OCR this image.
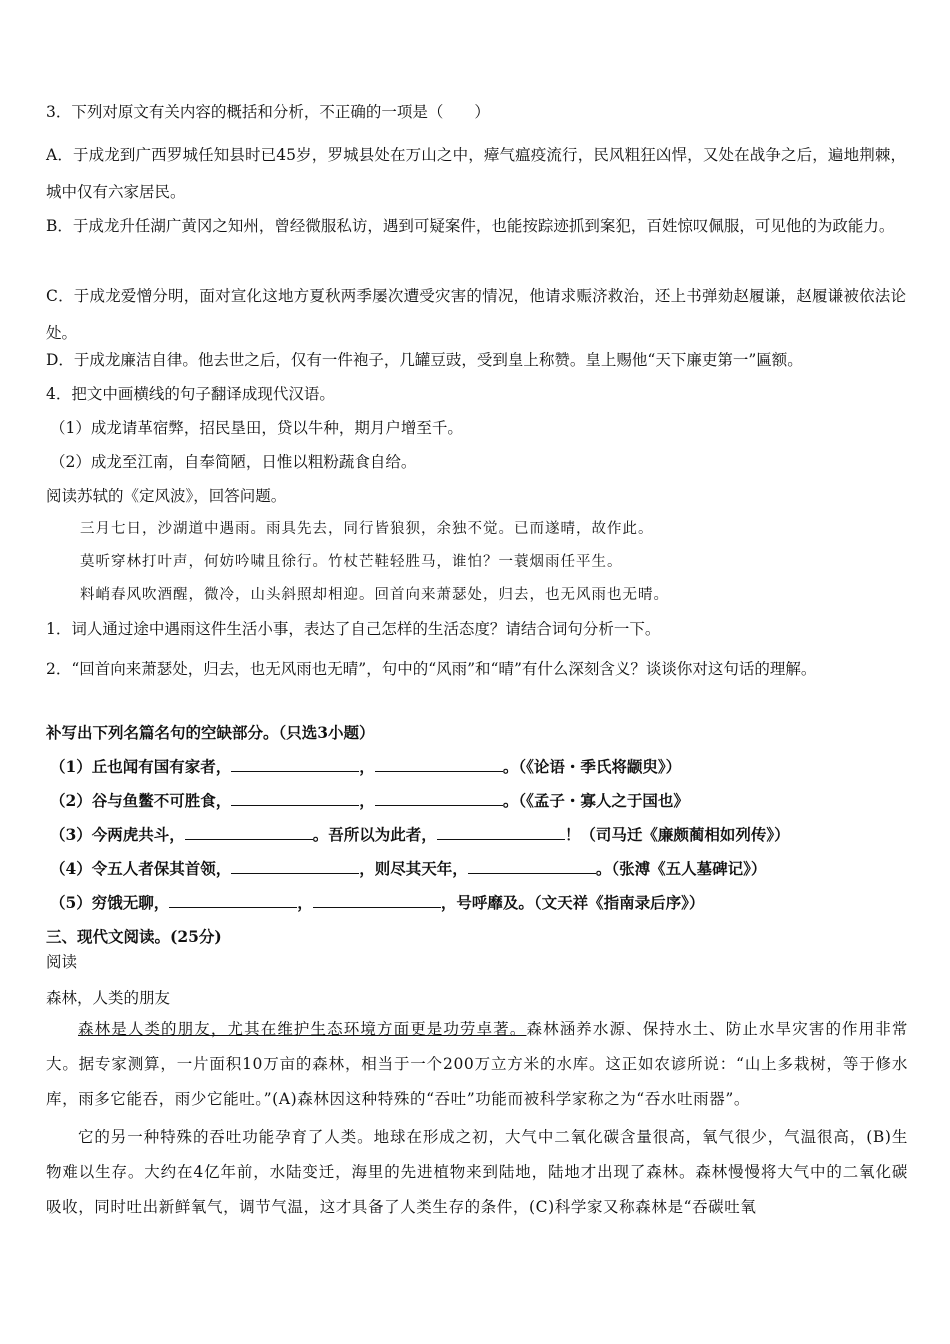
3．下列对原文有关内容的概括和分析，不正确的一项是（　　）
A．于成龙到广西罗城任知县时已45岁，罗城县处在万山之中，瘴气瘟疫流行，民风粗狂凶悍，又处在战争之后，遍地荆棘，城中仅有六家居民。
B．于成龙升任湖广黄冈之知州，曾经微服私访，遇到可疑案件，也能按踪迹抓到案犯，百姓惊叹佩服，可见他的为政能力。
C．于成龙爱憎分明，面对宣化这地方夏秋两季屡次遭受灾害的情况，他请求赈济救治，还上书弹劾赵履谦，赵履谦被依法论处。
D．于成龙廉洁自律。他去世之后，仅有一件袍子，几罐豆豉，受到皇上称赞。皇上赐他“天下廉吏第一”匾额。
4．把文中画横线的句子翻译成现代汉语。
（1）成龙请革宿弊，招民垦田，贷以牛种，期月户增至千。
（2）成龙至江南，自奉简陋，日惟以粗粉蔬食自给。
阅读苏轼的《定风波》，回答问题。
三月七日，沙湖道中遇雨。雨具先去，同行皆狼狈，余独不觉。已而遂晴，故作此。
莫听穿林打叶声，何妨吟啸且徐行。竹杖芒鞋轻胜马，谁怕？一蓑烟雨任平生。
料峭春风吹酒醒，微冷，山头斜照却相迎。回首向来萧瑟处，归去，也无风雨也无晴。
1．词人通过途中遇雨这件生活小事，表达了自己怎样的生活态度？请结合词句分析一下。
2．“回首向来萧瑟处，归去，也无风雨也无晴”，句中的“风雨”和“晴”有什么深刻含义？谈谈你对这句话的理解。
补写出下列名篇名句的空缺部分。（只选3小题）
（1）丘也闻有国有家者，	，	。（《论语・季氏将颛臾》）
（2）谷与鱼鳖不可胜食，	，	。（《孟子・寡人之于国也》
（3）今两虎共斗，	。吾所以为此者，	！（司马迁《廉颇蔺相如列传》）
（4）令五人者保其首领，	，则尽其天年，	。（张溥《五人墓碑记》）
（5）穷饿无聊，	，	，号呼靡及。（文天祥《指南录后序》）
三、现代文阅读。(25分)
阅读
森林，人类的朋友
森林是人类的朋友，尤其在维护生态环境方面更是功劳卓著。森林涵养水源、保持水土、防止水旱灾害的作用非常大。据专家测算，一片面积10万亩的森林，相当于一个200万立方米的水库。这正如农谚所说：“山上多栽树，等于修水库，雨多它能吞，雨少它能吐。”(A)森林因这种特殊的“吞吐”功能而被科学家称之为“吞水吐雨器”。
它的另一种特殊的吞吐功能孕育了人类。地球在形成之初，大气中二氧化碳含量很高，氧气很少，气温很高，(B)生物难以生存。大约在4亿年前，水陆变迁，海里的先进植物来到陆地，陆地才出现了森林。森林慢慢将大气中的二氧化碳吸收，同时吐出新鲜氧气，调节气温，这才具备了人类生存的条件，(C)科学家又称森林是“吞碳吐氧
